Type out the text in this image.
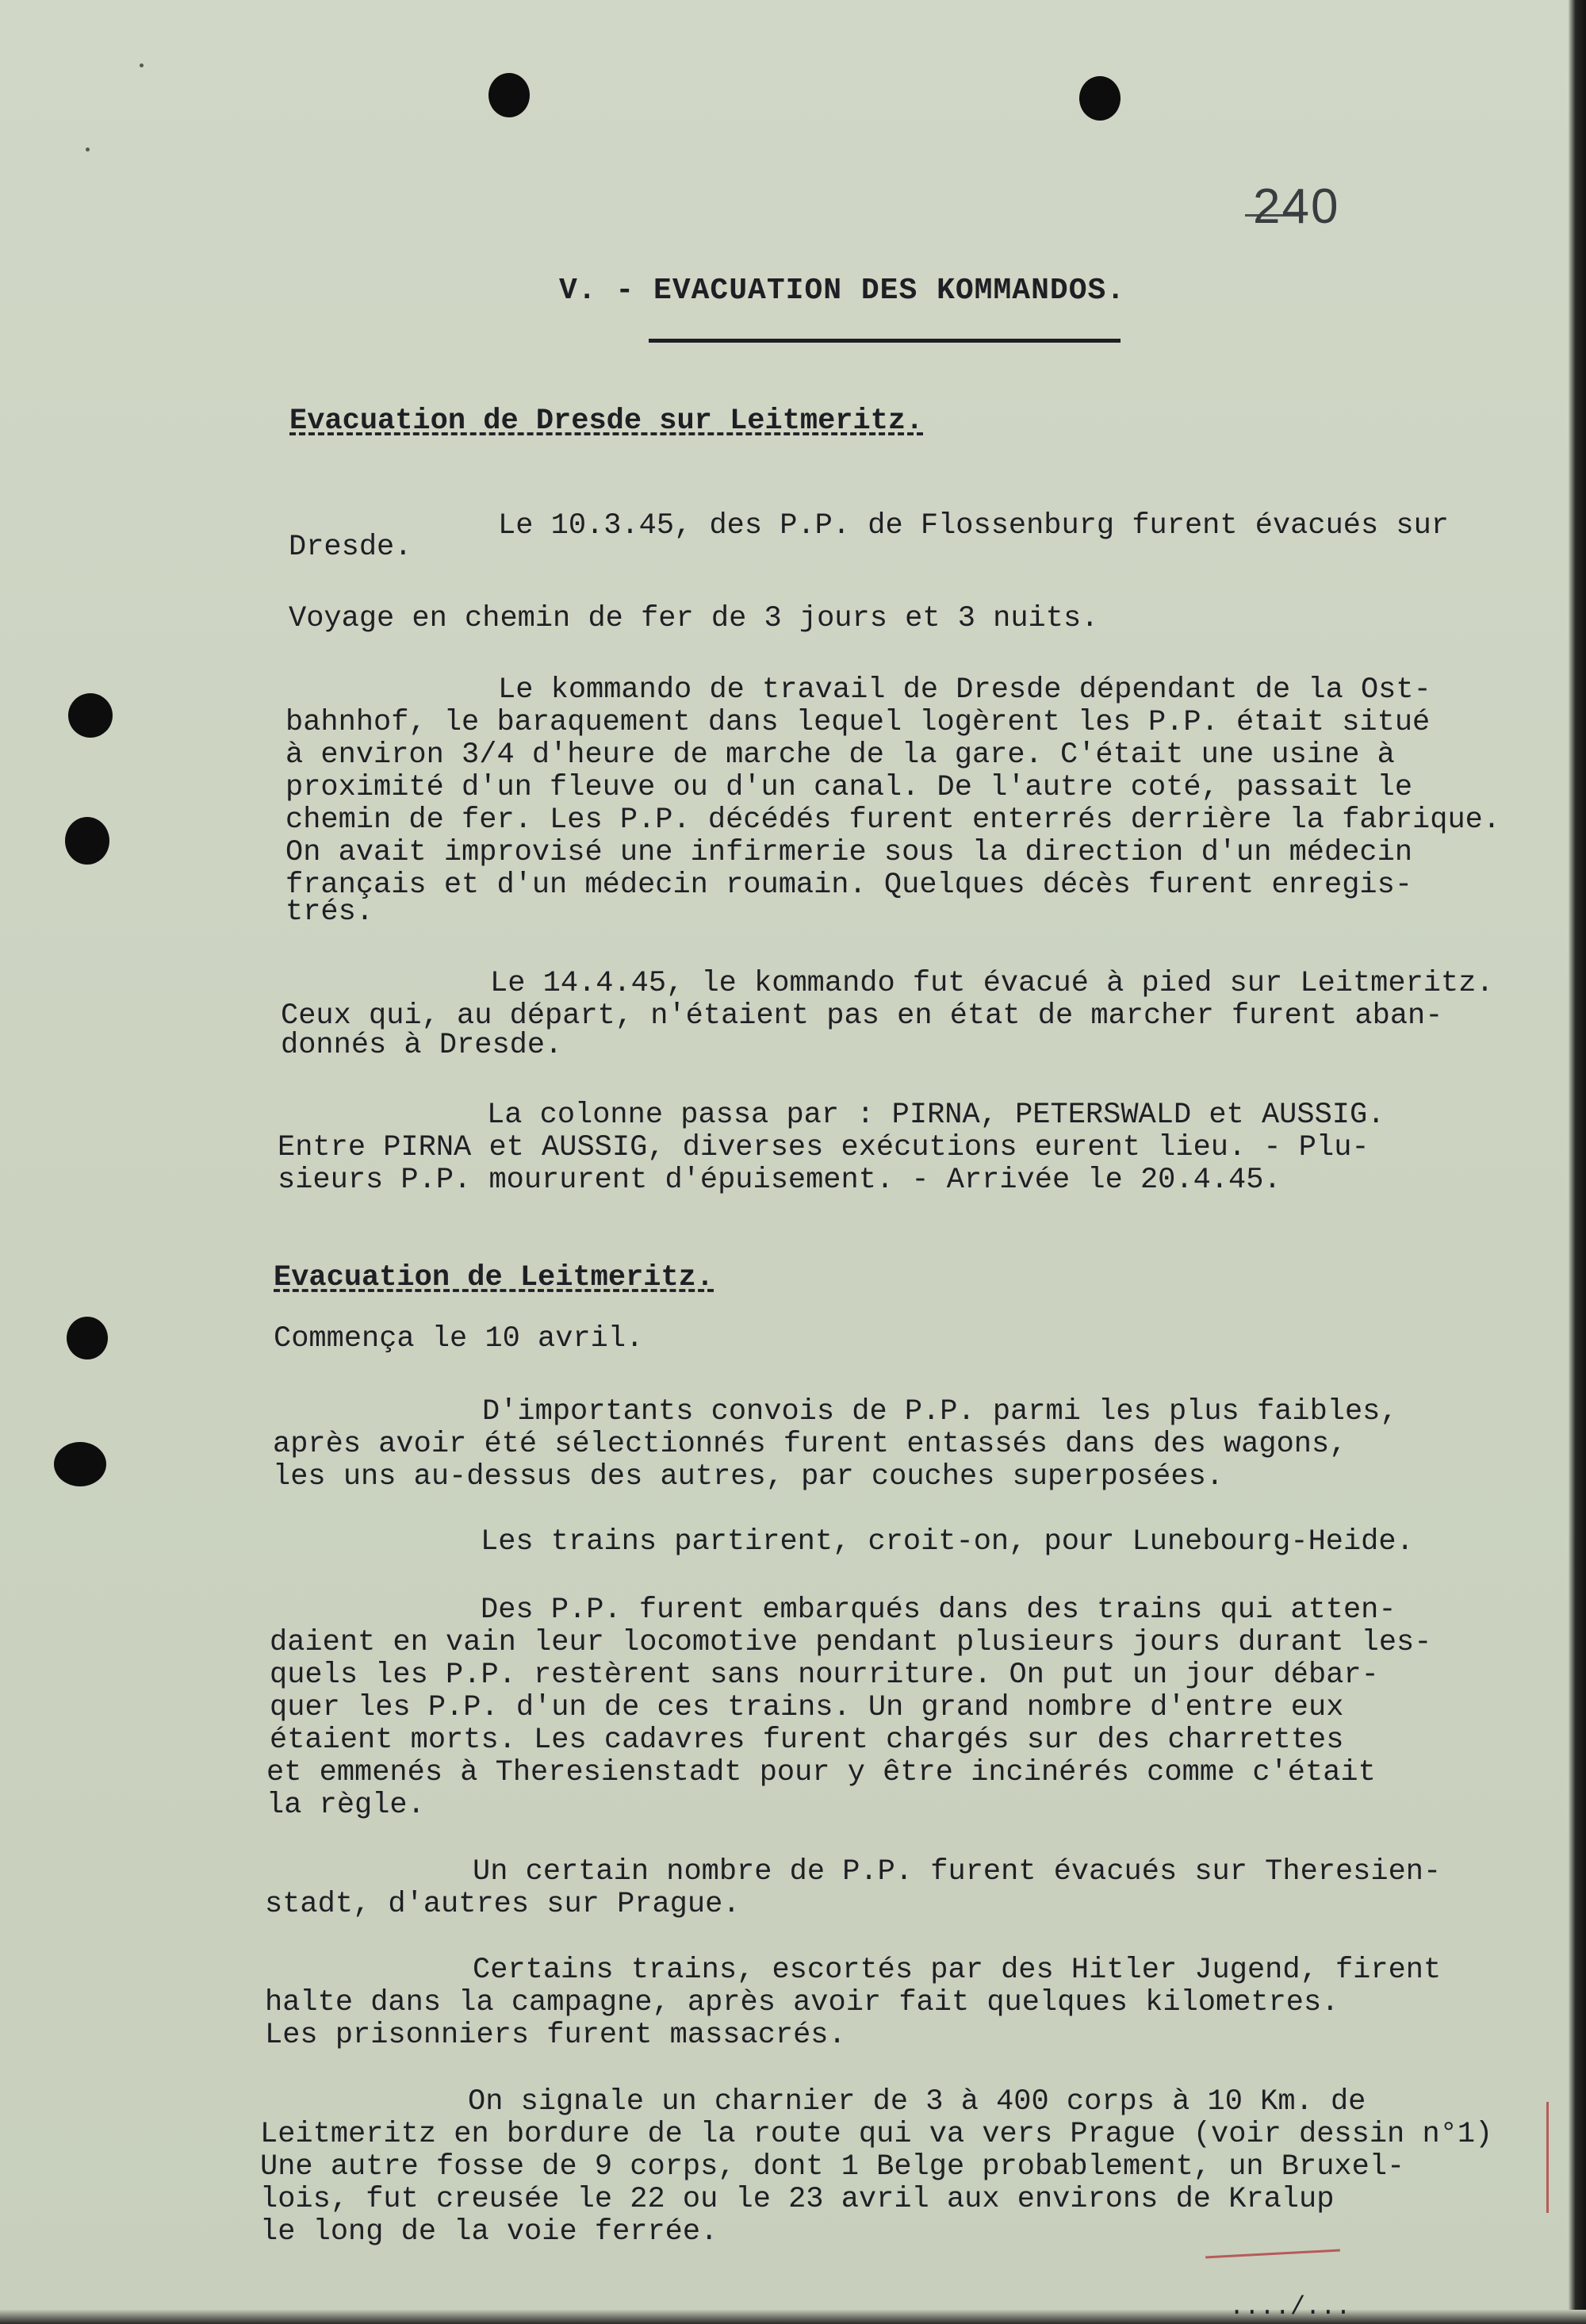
240
V. - EVACUATION DES KOMMANDOS.
Evacuation de Dresde sur Leitmeritz.
Le 10.3.45, des P.P. de Flossenburg furent évacués sur
Dresde.
Voyage en chemin de fer de 3 jours et 3 nuits.
Le kommando de travail de Dresde dépendant de la Ost-
bahnhof, le baraquement dans lequel logèrent les P.P. était situé
à environ 3/4 d'heure de marche de la gare. C'était une usine à
proximité d'un fleuve ou d'un canal. De l'autre coté, passait le
chemin de fer. Les P.P. décédés furent enterrés derrière la fabrique.
On avait improvisé une infirmerie sous la direction d'un médecin
français et d'un médecin roumain. Quelques décès furent enregis-
trés.
Le 14.4.45, le kommando fut évacué à pied sur Leitmeritz.
Ceux qui, au départ, n'étaient pas en état de marcher furent aban-
donnés à Dresde.
La colonne passa par : PIRNA, PETERSWALD et AUSSIG.
Entre PIRNA et AUSSIG, diverses exécutions eurent lieu. - Plu-
sieurs P.P. moururent d'épuisement. - Arrivée le 20.4.45.
Evacuation de Leitmeritz.
Commença le 10 avril.
D'importants convois de P.P. parmi les plus faibles,
après avoir été sélectionnés furent entassés dans des wagons,
les uns au-dessus des autres, par couches superposées.
Les trains partirent, croit-on, pour Lunebourg-Heide.
Des P.P. furent embarqués dans des trains qui atten-
daient en vain leur locomotive pendant plusieurs jours durant les-
quels les P.P. restèrent sans nourriture. On put un jour débar-
quer les P.P. d'un de ces trains. Un grand nombre d'entre eux
étaient morts. Les cadavres furent chargés sur des charrettes
et emmenés à Theresienstadt pour y être incinérés comme c'était
la règle.
Un certain nombre de P.P. furent évacués sur Theresien-
stadt, d'autres sur Prague.
Certains trains, escortés par des Hitler Jugend, firent
halte dans la campagne, après avoir fait quelques kilometres.
Les prisonniers furent massacrés.
On signale un charnier de 3 à 400 corps à 10 Km. de
Leitmeritz en bordure de la route qui va vers Prague (voir dessin n°1)
Une autre fosse de 9 corps, dont 1 Belge probablement, un Bruxel-
lois, fut creusée le 22 ou le 23 avril aux environs de Kralup
le long de la voie ferrée.
..../...
